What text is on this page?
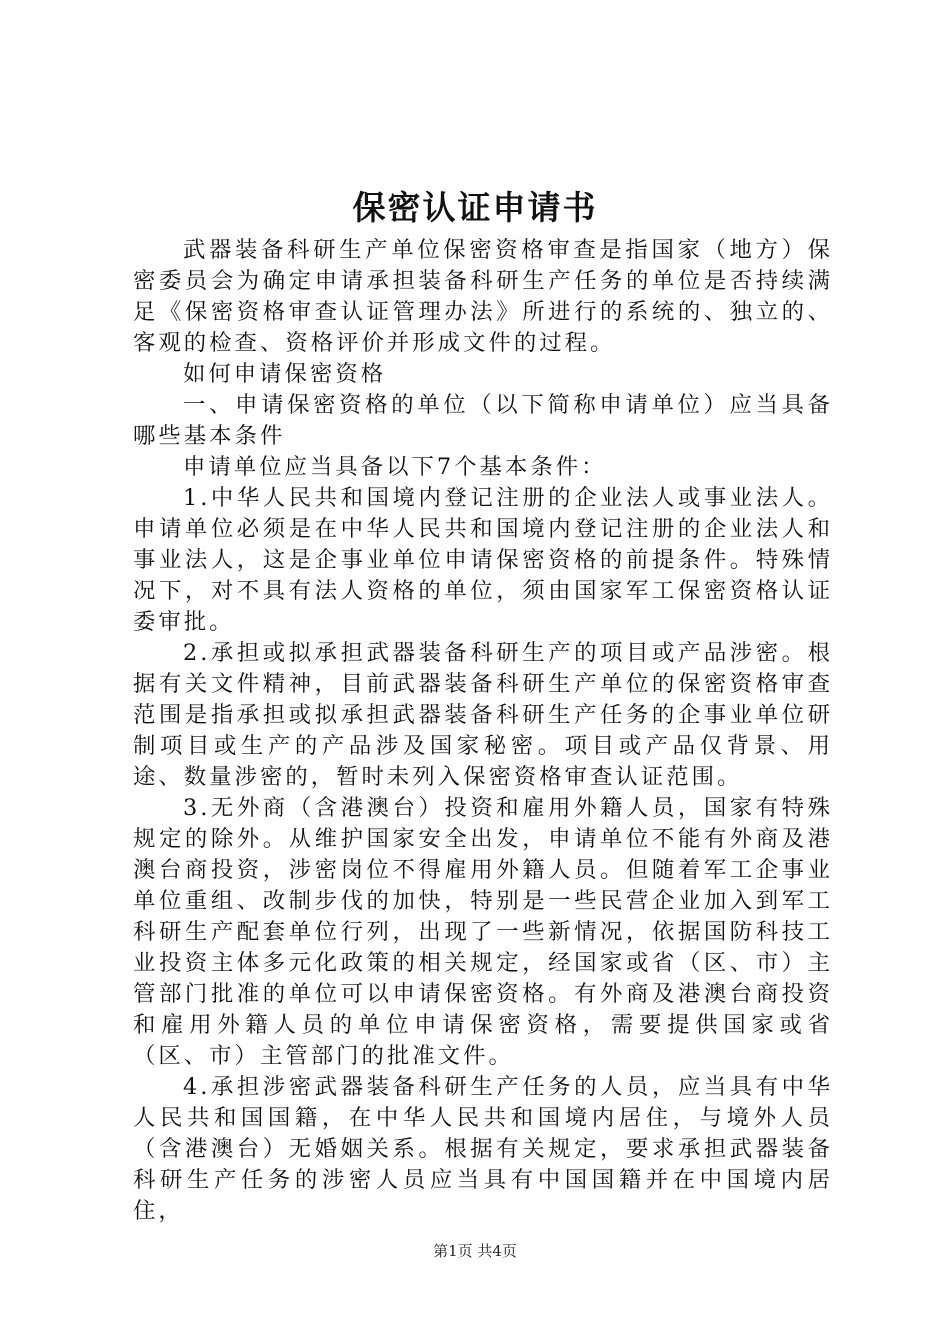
保密认证申请书

武器装备科研生产单位保密资格审查是指国家（地方）保密委员会为确定申请承担装备科研生产任务的单位是否持续满足《保密资格审查认证管理办法》所进行的系统的、独立的、客观的检查、资格评价并形成文件的过程。

如何申请保密资格

一、申请保密资格的单位（以下简称申请单位）应当具备哪些基本条件

申请单位应当具备以下7个基本条件：

1.中华人民共和国境内登记注册的企业法人或事业法人。申请单位必须是在中华人民共和国境内登记注册的企业法人和事业法人，这是企事业单位申请保密资格的前提条件。特殊情况下，对不具有法人资格的单位，须由国家军工保密资格认证委审批。

2.承担或拟承担武器装备科研生产的项目或产品涉密。根据有关文件精神，目前武器装备科研生产单位的保密资格审查范围是指承担或拟承担武器装备科研生产任务的企事业单位研制项目或生产的产品涉及国家秘密。项目或产品仅背景、用途、数量涉密的，暂时未列入保密资格审查认证范围。

3.无外商（含港澳台）投资和雇用外籍人员，国家有特殊规定的除外。从维护国家安全出发，申请单位不能有外商及港澳台商投资，涉密岗位不得雇用外籍人员。但随着军工企事业单位重组、改制步伐的加快，特别是一些民营企业加入到军工科研生产配套单位行列，出现了一些新情况，依据国防科技工业投资主体多元化政策的相关规定，经国家或省（区、市）主管部门批准的单位可以申请保密资格。有外商及港澳台商投资和雇用外籍人员的单位申请保密资格，需要提供国家或省（区、市）主管部门的批准文件。

4.承担涉密武器装备科研生产任务的人员，应当具有中华人民共和国国籍，在中华人民共和国境内居住，与境外人员（含港澳台）无婚姻关系。根据有关规定，要求承担武器装备科研生产任务的涉密人员应当具有中国国籍并在中国境内居住，

第1页 共4页
